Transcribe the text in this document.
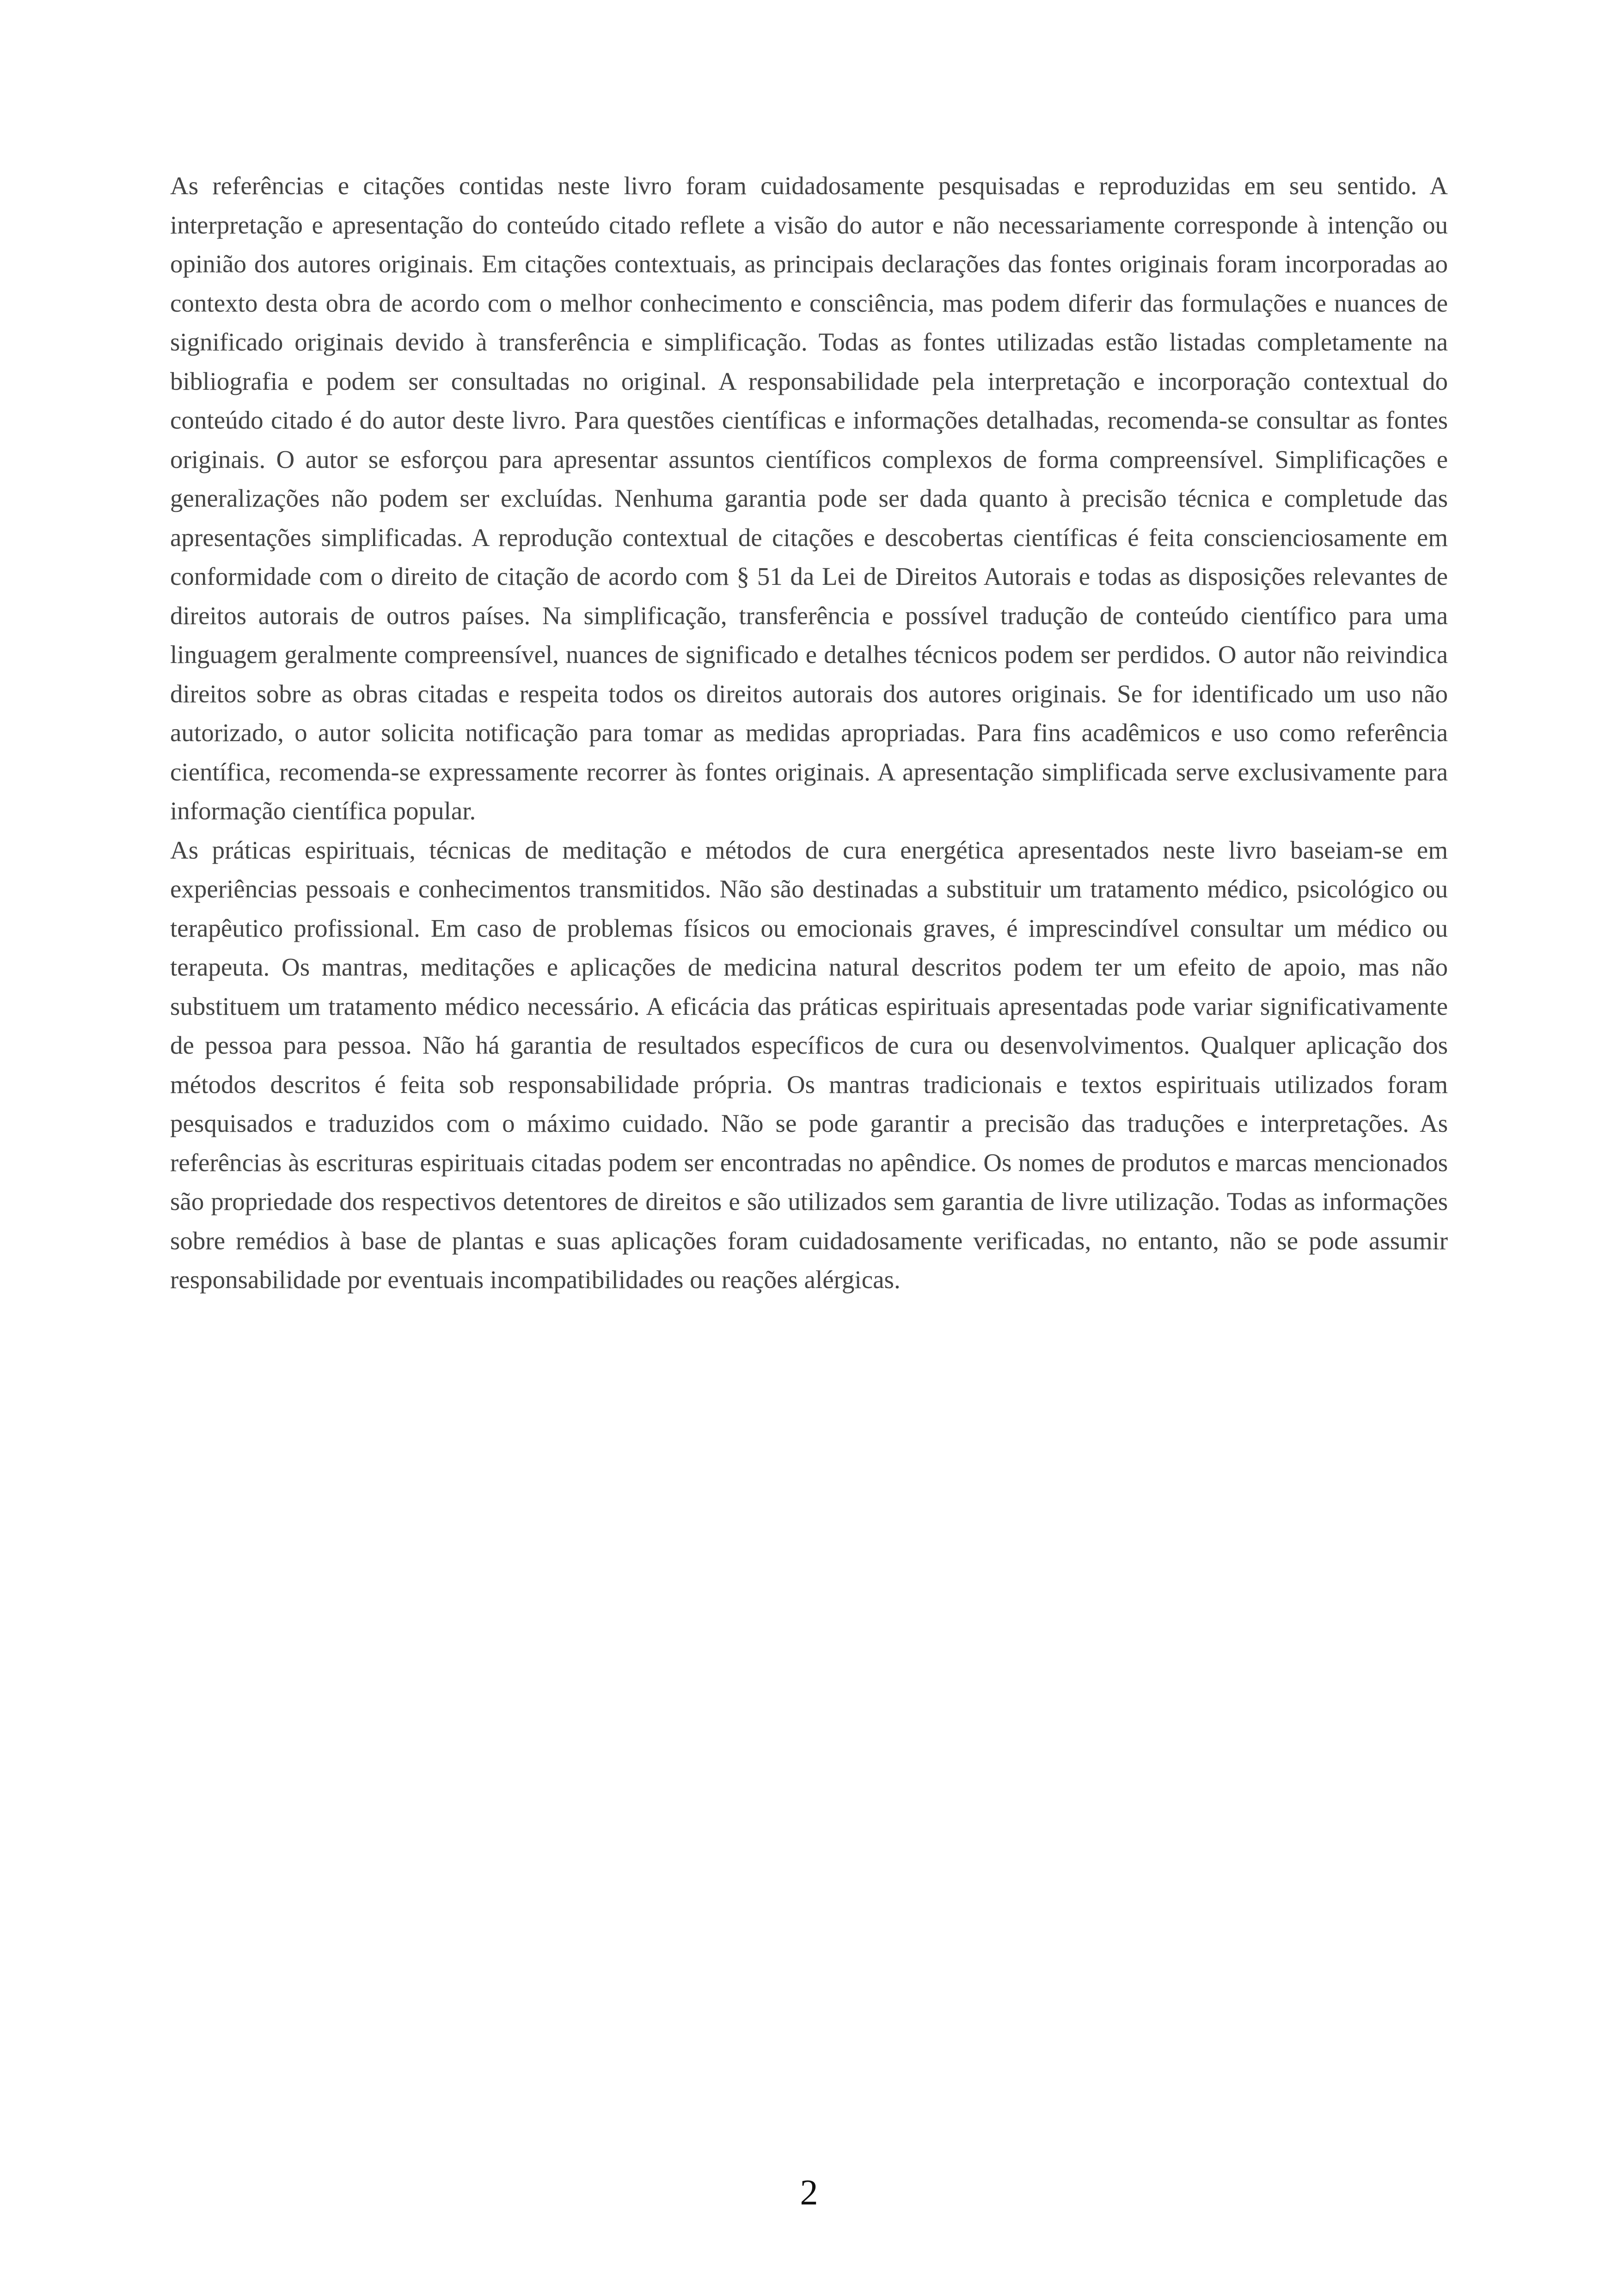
As referências e citações contidas neste livro foram cuidadosamente pesquisadas e reproduzidas em seu sentido. A interpretação e apresentação do conteúdo citado reflete a visão do autor e não necessariamente corresponde à intenção ou opinião dos autores originais. Em citações contextuais, as principais declarações das fontes originais foram incorporadas ao contexto desta obra de acordo com o melhor conhecimento e consciência, mas podem diferir das formulações e nuances de significado originais devido à transferência e simplificação. Todas as fontes utilizadas estão listadas completamente na bibliografia e podem ser consultadas no original. A responsabilidade pela interpretação e incorporação contextual do conteúdo citado é do autor deste livro. Para questões científicas e informações detalhadas, recomenda-se consultar as fontes originais. O autor se esforçou para apresentar assuntos científicos complexos de forma compreensível. Simplificações e generalizações não podem ser excluídas. Nenhuma garantia pode ser dada quanto à precisão técnica e completude das apresentações simplificadas. A reprodução contextual de citações e descobertas científicas é feita conscienciosamente em conformidade com o direito de citação de acordo com § 51 da Lei de Direitos Autorais e todas as disposições relevantes de direitos autorais de outros países. Na simplificação, transferência e possível tradução de conteúdo científico para uma linguagem geralmente compreensível, nuances de significado e detalhes técnicos podem ser perdidos. O autor não reivindica direitos sobre as obras citadas e respeita todos os direitos autorais dos autores originais. Se for identificado um uso não autorizado, o autor solicita notificação para tomar as medidas apropriadas. Para fins acadêmicos e uso como referência científica, recomenda-se expressamente recorrer às fontes originais. A apresentação simplificada serve exclusivamente para informação científica popular.

As práticas espirituais, técnicas de meditação e métodos de cura energética apresentados neste livro baseiam-se em experiências pessoais e conhecimentos transmitidos. Não são destinadas a substituir um tratamento médico, psicológico ou terapêutico profissional. Em caso de problemas físicos ou emocionais graves, é imprescindível consultar um médico ou terapeuta. Os mantras, meditações e aplicações de medicina natural descritos podem ter um efeito de apoio, mas não substituem um tratamento médico necessário. A eficácia das práticas espirituais apresentadas pode variar significativamente de pessoa para pessoa. Não há garantia de resultados específicos de cura ou desenvolvimentos. Qualquer aplicação dos métodos descritos é feita sob responsabilidade própria. Os mantras tradicionais e textos espirituais utilizados foram pesquisados e traduzidos com o máximo cuidado. Não se pode garantir a precisão das traduções e interpretações. As referências às escrituras espirituais citadas podem ser encontradas no apêndice. Os nomes de produtos e marcas mencionados são propriedade dos respectivos detentores de direitos e são utilizados sem garantia de livre utilização. Todas as informações sobre remédios à base de plantas e suas aplicações foram cuidadosamente verificadas, no entanto, não se pode assumir responsabilidade por eventuais incompatibilidades ou reações alérgicas.

2
